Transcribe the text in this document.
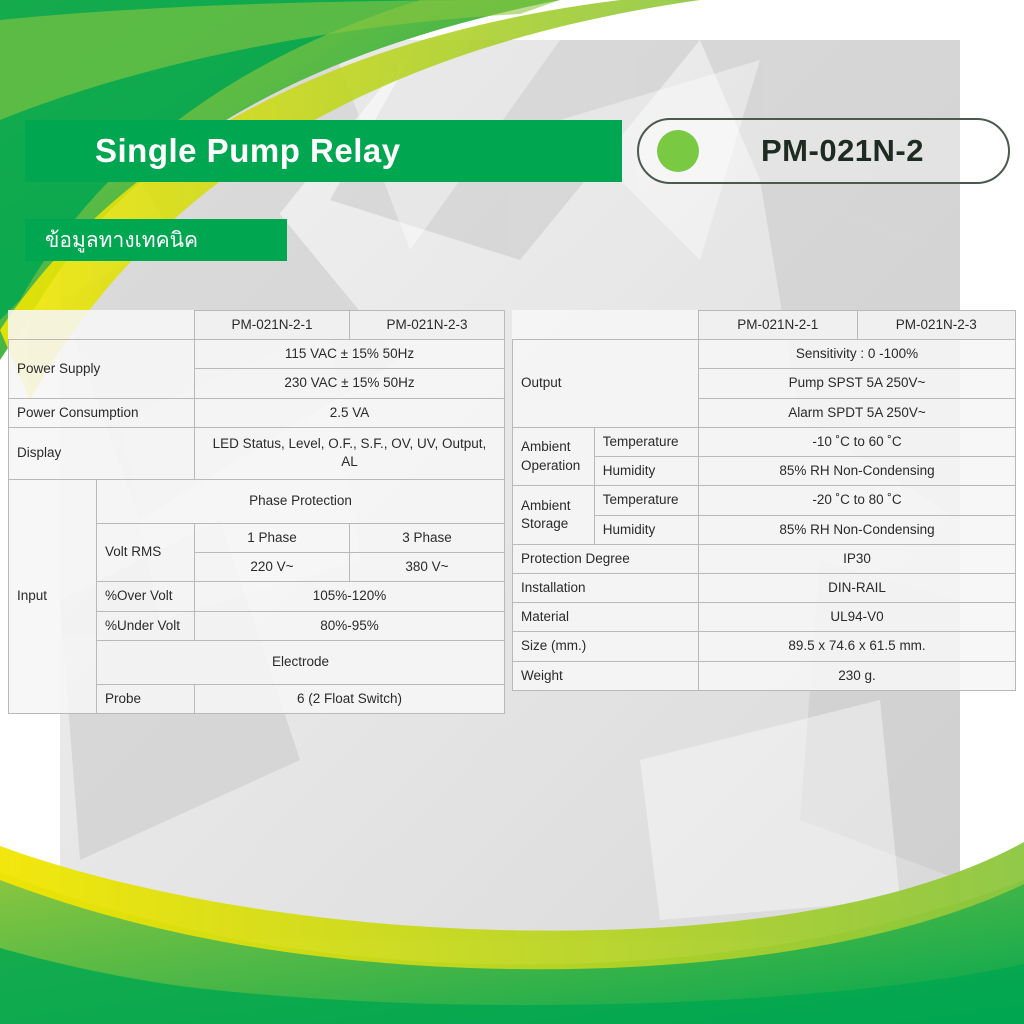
Single Pump Relay	PM-021N-2
ข้อมูลทางเทคนิค
		PM-021N-2-1	PM-021N-2-3
Power Supply		115 VAC ± 15% 50Hz	
		230 VAC ± 15% 50Hz	
Power Consumption		2.5 VA	
Display		LED Status, Level, O.F., S.F., OV, UV, Output, AL	
Input	Phase Protection		
	Volt RMS	1 Phase	3 Phase
		220 V~	380 V~
	%Over Volt	105%-120%	
	%Under Volt	80%-95%	
	Electrode		
	Probe	6 (2 Float Switch)	
		PM-021N-2-1	PM-021N-2-3
Output		Sensitivity : 0 -100%	
		Pump SPST 5A 250V~	
		Alarm SPDT 5A 250V~	
Ambient Operation	Temperature	-10 ˚C to 60 ˚C	
	Humidity	85% RH Non-Condensing	
Ambient Storage	Temperature	-20 ˚C to 80 ˚C	
	Humidity	85% RH Non-Condensing	
Protection Degree		IP30	
Installation		DIN-RAIL	
Material		UL94-V0	
Size (mm.)		89.5 x 74.6 x 61.5 mm.	
Weight		230 g.	
